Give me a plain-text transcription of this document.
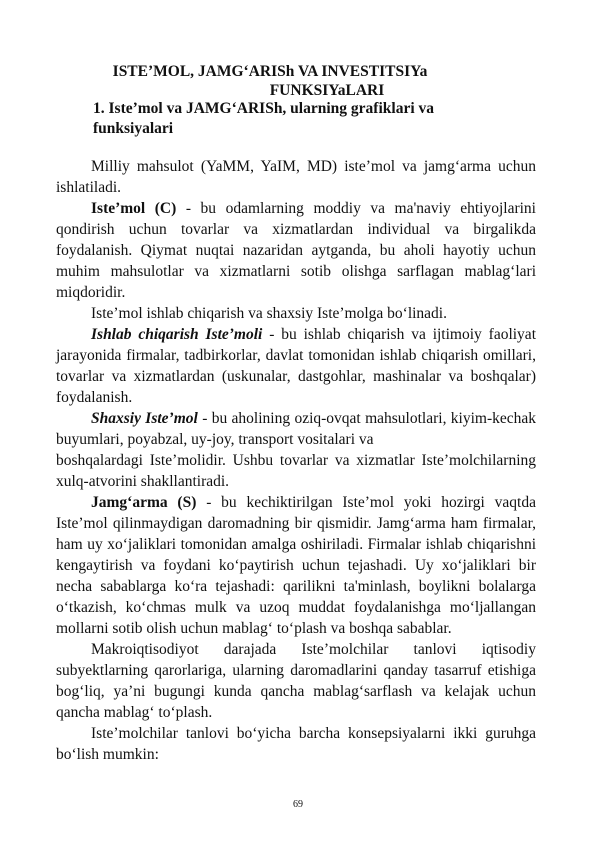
ISTE’MOL, JAMG‘ARISh VA INVESTITSIYa
FUNKSIYaLARI
1. Iste’mol va JAMG‘ARISh, ularning grafiklari va funksiyalari

Milliy mahsulot (YaMM, YaIM, MD) iste’mol va jamg‘arma uchun ishlatiladi.

Iste’mol (C) - bu odamlarning moddiy va ma'naviy ehtiyojlarini qondirish uchun tovarlar va xizmatlardan individual va birgalikda foydalanish. Qiymat nuqtai nazaridan aytganda, bu aholi hayotiy uchun muhim mahsulotlar va xizmatlarni sotib olishga sarflagan mablag‘lari miqdoridir.

Iste’mol ishlab chiqarish va shaxsiy Iste’molga bo‘linadi.

Ishlab chiqarish Iste’moli - bu ishlab chiqarish va ijtimoiy faoliyat jarayonida firmalar, tadbirkorlar, davlat tomonidan ishlab chiqarish omillari, tovarlar va xizmatlardan (uskunalar, dastgohlar, mashinalar va boshqalar) foydalanish.

Shaxsiy Iste’mol - bu aholining oziq-ovqat mahsulotlari, kiyim-kechak buyumlari, poyabzal, uy-joy, transport vositalari va

boshqalardagi Iste’molidir. Ushbu tovarlar va xizmatlar Iste’molchilarning xulq-atvorini shakllantiradi.

Jamg‘arma (S) - bu kechiktirilgan Iste’mol yoki hozirgi vaqtda Iste’mol qilinmaydigan daromadning bir qismidir. Jamg‘arma ham firmalar, ham uy xo‘jaliklari tomonidan amalga oshiriladi. Firmalar ishlab chiqarishni kengaytirish va foydani ko‘paytirish uchun tejashadi. Uy xo‘jaliklari bir necha sabablarga ko‘ra tejashadi: qarilikni ta'minlash, boylikni bolalarga o‘tkazish, ko‘chmas mulk va uzoq muddat foydalanishga mo‘ljallangan mollarni sotib olish uchun mablag‘ to‘plash va boshqa sabablar.

Makroiqtisodiyot darajada Iste’molchilar tanlovi iqtisodiy subyektlarning qarorlariga, ularning daromadlarini qanday tasarruf etishiga bog‘liq, ya’ni bugungi kunda qancha mablag‘sarflash va kelajak uchun qancha mablag‘ to‘plash.

Iste’molchilar tanlovi bo‘yicha barcha konsepsiyalarni ikki guruhga bo‘lish mumkin:

69
